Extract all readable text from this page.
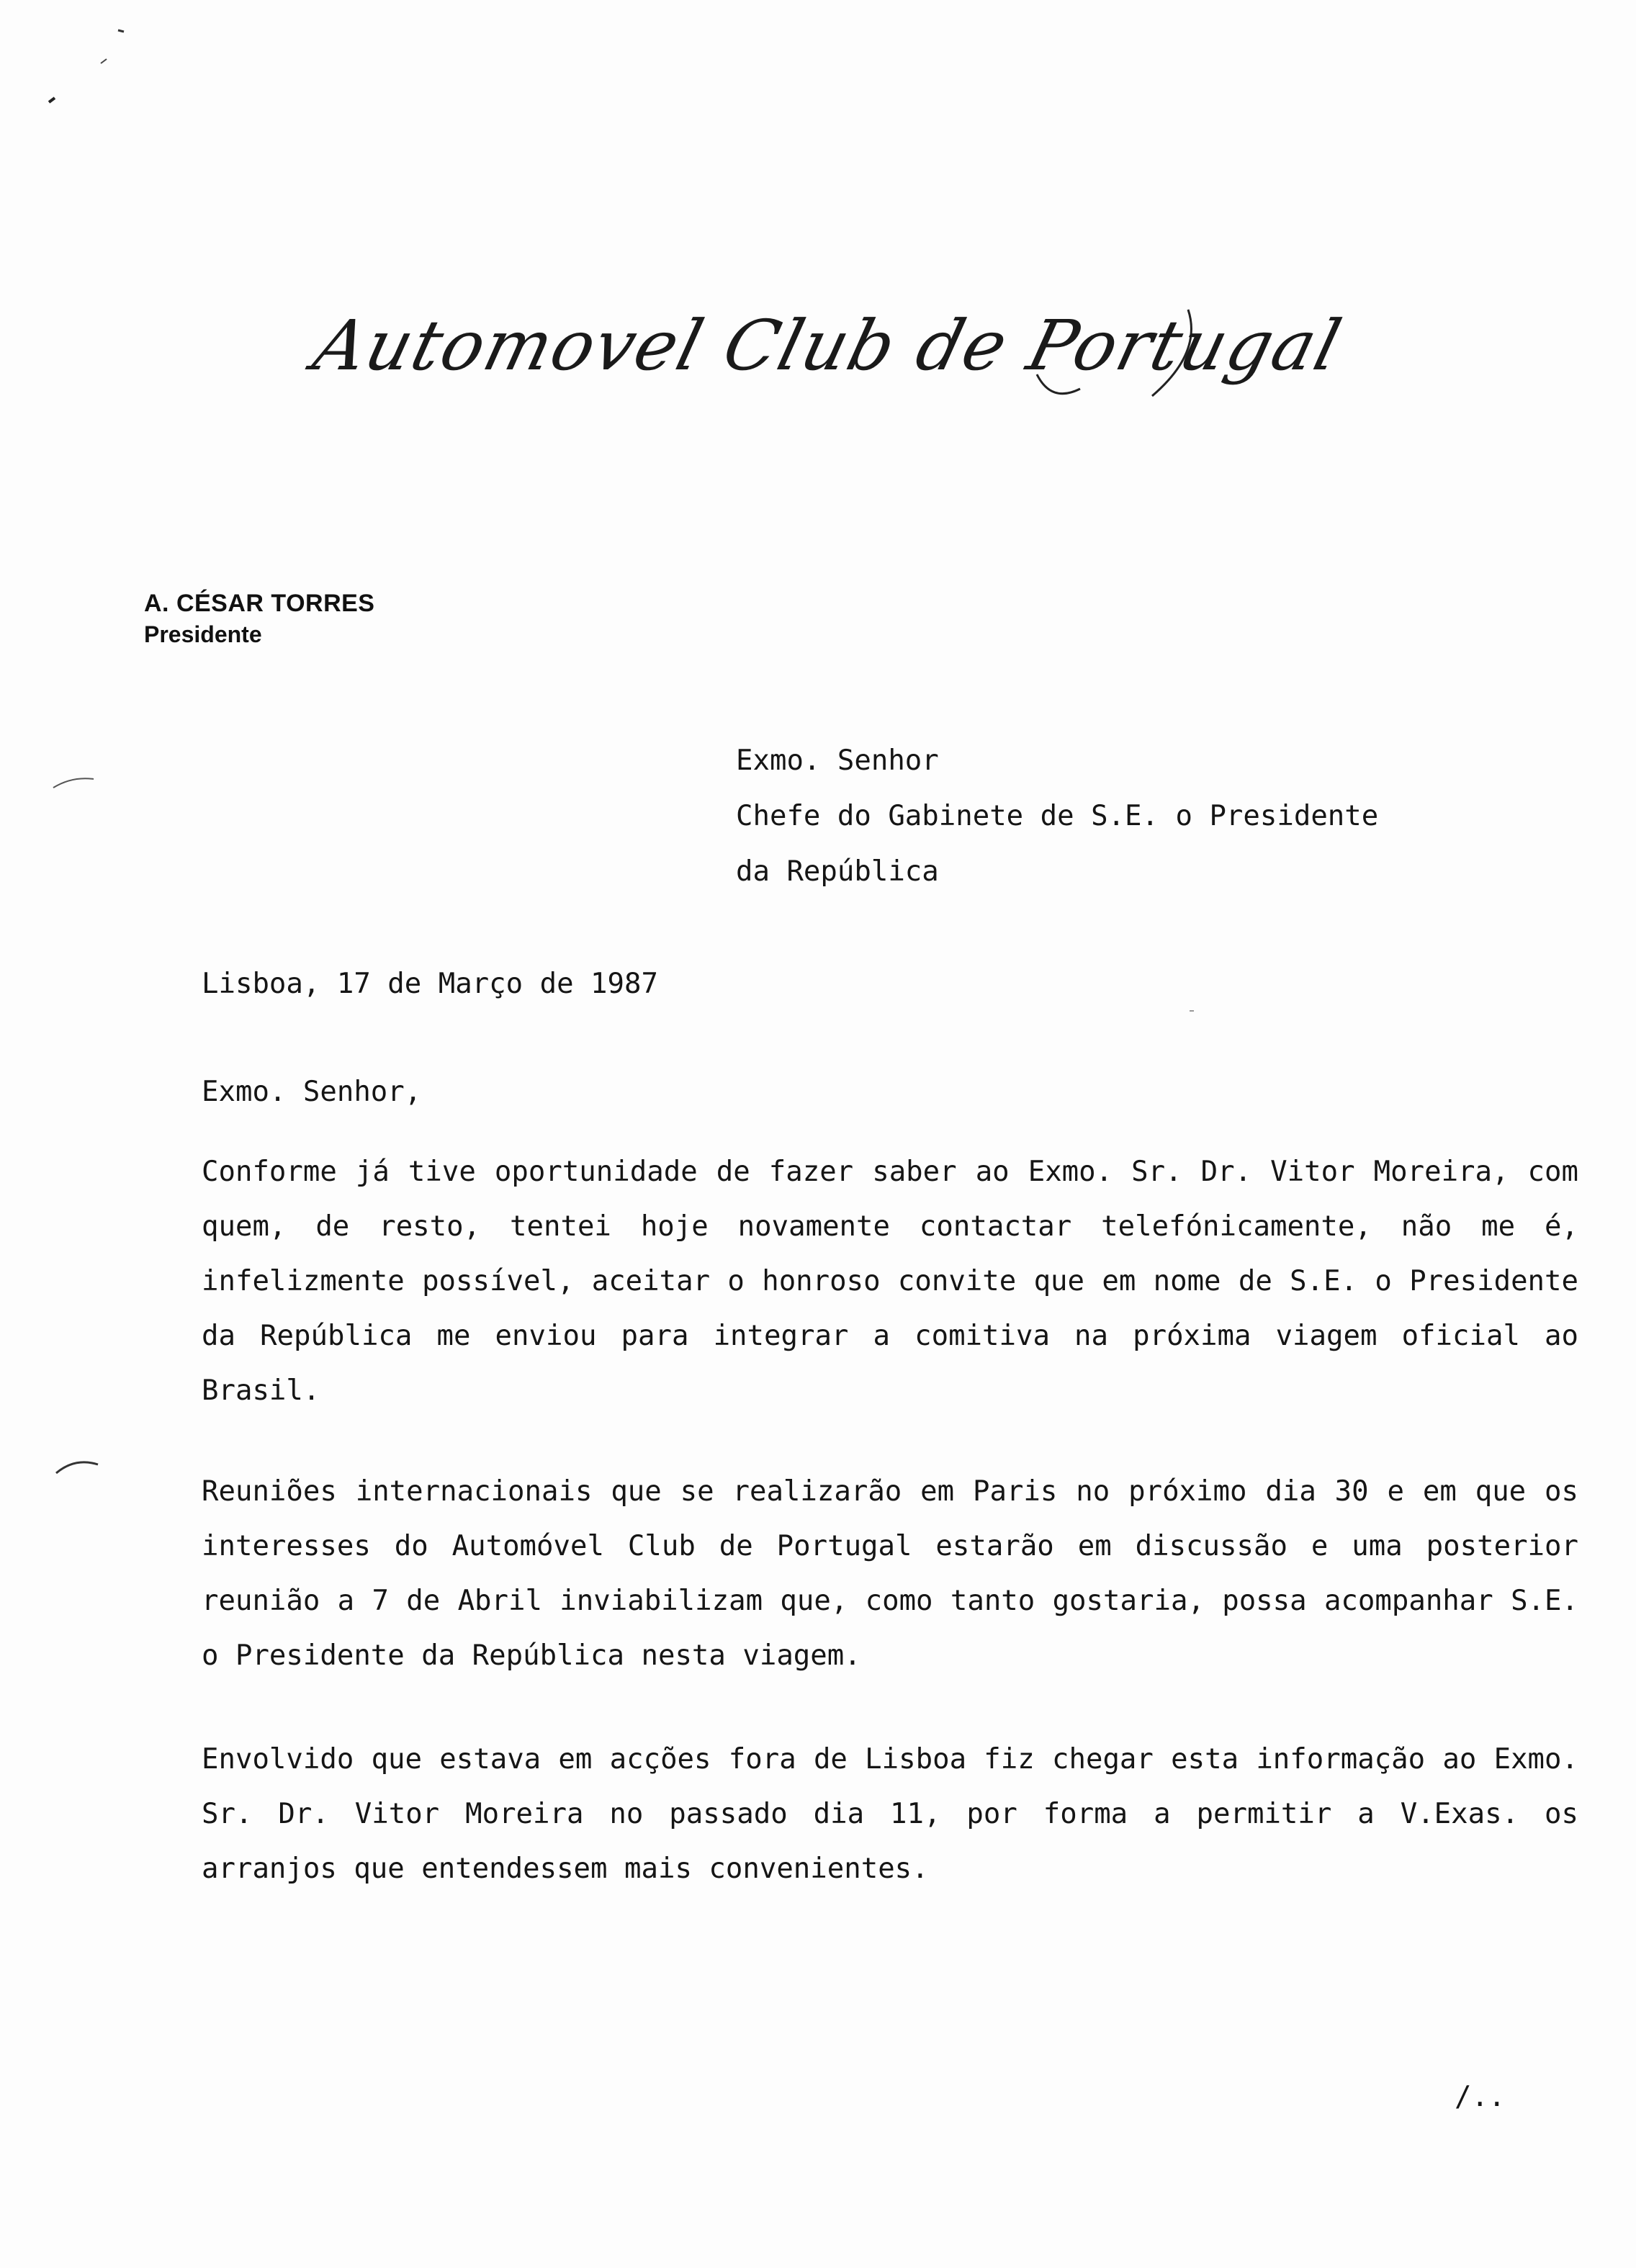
Automovel Club de Portugal
A. CÉSAR TORRES
Presidente
Exmo. Senhor
Chefe do Gabinete de S.E. o Presidente
da República
Lisboa, 17 de Março de 1987
Exmo. Senhor,
Conforme já tive oportunidade de fazer saber ao Exmo. Sr. Dr. Vitor Moreira, com quem, de resto, tentei hoje novamente contactar telefónicamente, não me é, infelizmente possível, aceitar o honroso convite que em nome de S.E. o Presidente da República me enviou para integrar a comitiva na próxima viagem oficial ao Brasil.
Reuniões internacionais que se realizarão em Paris no próximo dia 30 e em que os interesses do Automóvel Club de Portugal estarão em discussão e uma posterior reunião a 7 de Abril inviabilizam que, como tanto gostaria, possa acompanhar S.E. o Presidente da República nesta viagem.
Envolvido que estava em acções fora de Lisboa fiz chegar esta informação ao Exmo. Sr. Dr. Vitor Moreira no passado dia 11, por forma a permitir a V.Exas. os arranjos que entendessem mais convenientes.
/..
